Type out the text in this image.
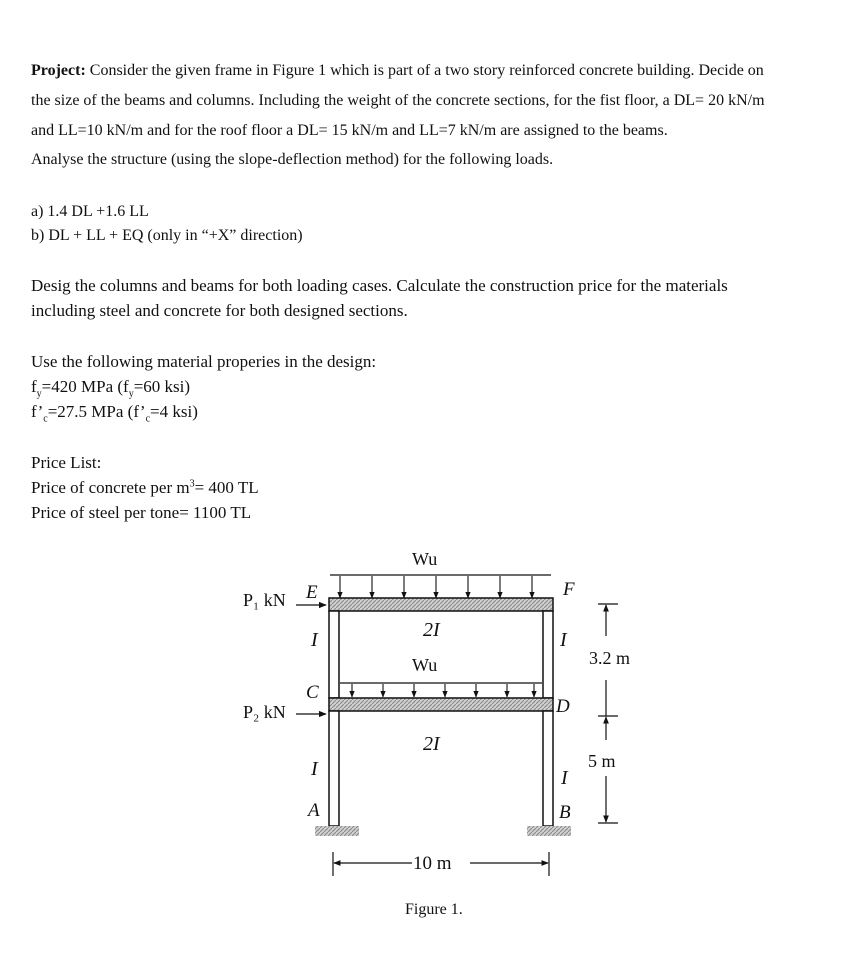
Project: Consider the given frame in Figure 1 which is part of a two story reinforced concrete building. Decide on
the size of the beams and columns. Including the weight of the concrete sections, for the fist floor, a DL= 20 kN/m
and LL=10 kN/m and for the roof floor a DL= 15 kN/m and LL=7 kN/m are assigned to the beams.
Analyse the structure (using the slope-deflection method) for the following loads.
a) 1.4 DL +1.6 LL
b) DL + LL + EQ (only in “+X” direction)
Desig the columns and beams for both loading cases. Calculate the construction price for the materials
including steel and concrete for both designed sections.
Use the following material properies in the design:
$f_y=420$ MPa ($f_y=60$ ksi)
$f’_c=27.5$ MPa ($f’_c=4$ ksi)
Price List:
Price of concrete per $m^3= 400$ TL
Price of steel per tone= 1100 TL
Wu
2I
Wu
2I
P₁ kN
P₂ kN
E	F
C
D
A	B
I	I
I	I
3.2 m
5 m
10 m
Figure 1.
